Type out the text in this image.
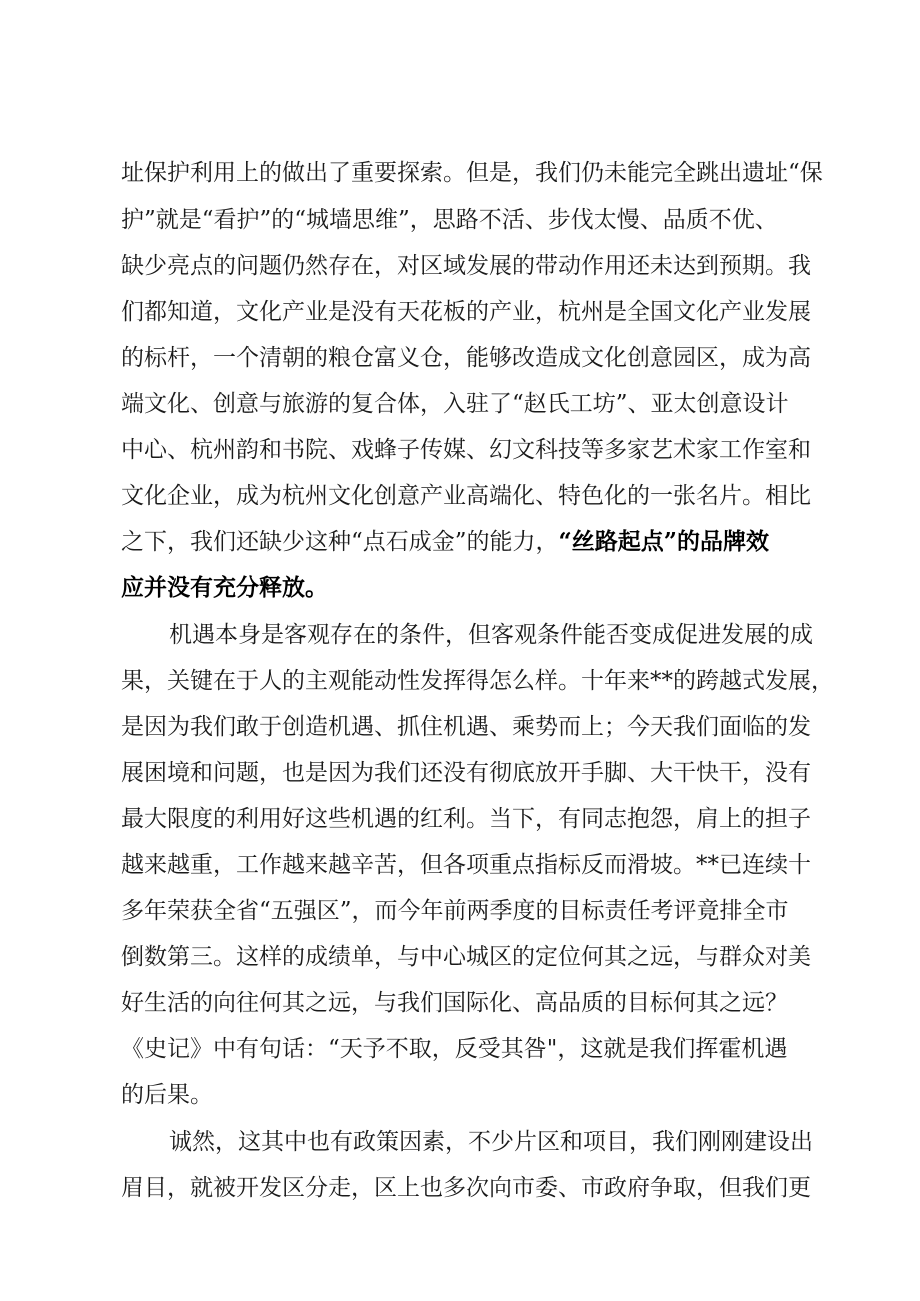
址保护利用上的做出了重要探索。但是，我们仍未能完全跳出遗址“保

护”就是“看护”的“城墙思维”，思路不活、步伐太慢、品质不优、

缺少亮点的问题仍然存在，对区域发展的带动作用还未达到预期。我

们都知道，文化产业是没有天花板的产业，杭州是全国文化产业发展

的标杆，一个清朝的粮仓富义仓，能够改造成文化创意园区，成为高

端文化、创意与旅游的复合体，入驻了“赵氏工坊”、亚太创意设计

中心、杭州韵和书院、戏蜂子传媒、幻文科技等多家艺术家工作室和

文化企业，成为杭州文化创意产业高端化、特色化的一张名片。相比

之下，我们还缺少这种“点石成金”的能力，“丝路起点”的品牌效

应并没有充分释放。

机遇本身是客观存在的条件，但客观条件能否变成促进发展的成

果，关键在于人的主观能动性发挥得怎么样。十年来**的跨越式发展，

是因为我们敢于创造机遇、抓住机遇、乘势而上；今天我们面临的发

展困境和问题，也是因为我们还没有彻底放开手脚、大干快干，没有

最大限度的利用好这些机遇的红利。当下，有同志抱怨，肩上的担子

越来越重，工作越来越辛苦，但各项重点指标反而滑坡。**已连续十

多年荣获全省“五强区”，而今年前两季度的目标责任考评竟排全市

倒数第三。这样的成绩单，与中心城区的定位何其之远，与群众对美

好生活的向往何其之远，与我们国际化、高品质的目标何其之远？

《史记》中有句话：“天予不取，反受其咎"，这就是我们挥霍机遇

的后果。

诚然，这其中也有政策因素，不少片区和项目，我们刚刚建设出

眉目，就被开发区分走，区上也多次向市委、市政府争取，但我们更
